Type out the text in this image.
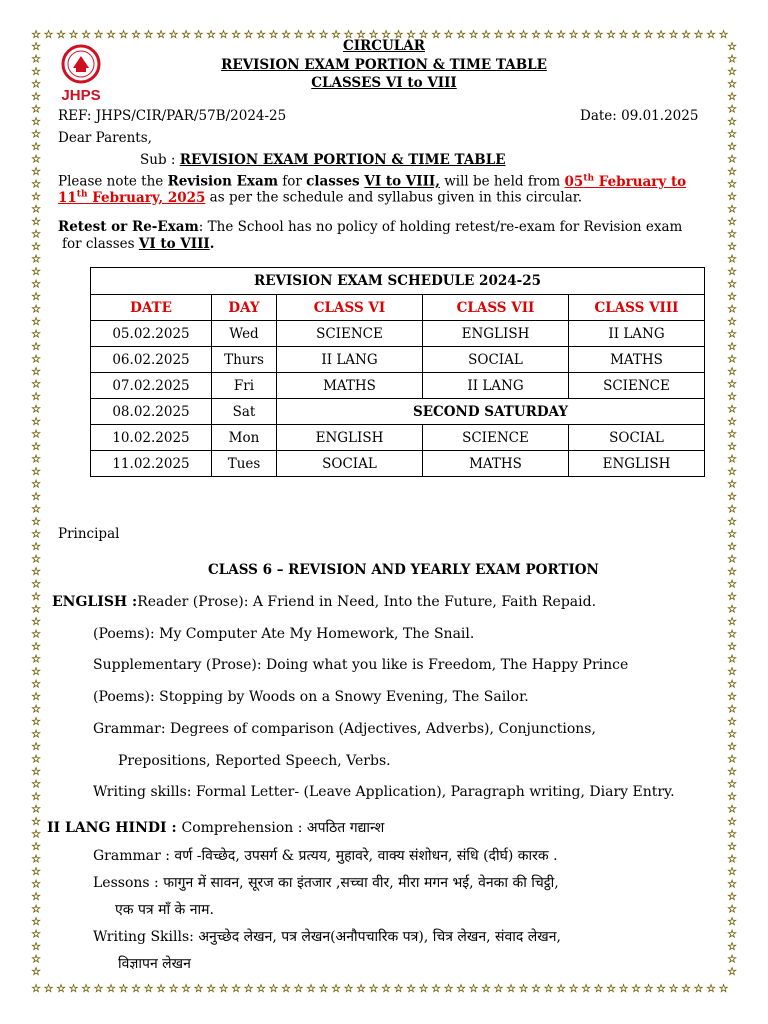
☆
☆
☆
☆
☆
☆
☆
☆
☆
☆
☆
☆
☆
☆
☆
☆
☆
☆
☆
☆
☆
☆
☆
☆
☆
☆
☆
☆
☆
☆
☆
☆
☆
☆
☆
☆
☆
☆
☆
☆
☆
☆
☆
☆
☆
☆
☆
☆
☆
☆
☆
☆
☆
☆
☆
☆
☆
☆
☆
☆
☆
☆
☆
☆
☆
☆
☆
☆
☆
☆
☆
☆
☆
☆
☆
☆
☆
☆
☆
☆
☆
☆
☆
☆
☆
☆
☆
☆
☆
☆
☆
☆
☆
☆
☆
☆
☆
☆
☆
☆
☆
☆
☆
☆
☆
☆
☆
☆
☆
☆
☆
☆
☆	☆
☆	☆
☆	☆
☆	☆
☆	☆
☆	☆
☆	☆
☆	☆
☆	☆
☆	☆
☆	☆
☆	☆
☆	☆
☆	☆
☆	☆
☆	☆
☆	☆
☆	☆
☆	☆
☆	☆
☆	☆
☆	☆
☆	☆
☆	☆
☆	☆
☆	☆
☆	☆
☆	☆
☆	☆
☆	☆
☆	☆
☆	☆
☆	☆
☆	☆
☆	☆
☆	☆
☆	☆
☆	☆
☆	☆
☆	☆
☆	☆
☆	☆
☆	☆
☆	☆
☆	☆
☆	☆
☆	☆
☆	☆
☆	☆
☆	☆
☆	☆
☆	☆
☆	☆
☆	☆
☆	☆
☆	☆
☆	☆
☆	☆
☆	☆
☆	☆
☆	☆
☆	☆
☆	☆
☆	☆
☆	☆
☆	☆
☆	☆
☆	☆
☆	☆
☆	☆
☆	☆
☆	☆
☆	☆
☆	☆
☆	☆
JHPS
CIRCULAR
REVISION EXAM PORTION & TIME TABLE
CLASSES VI to VIII
REF: JHPS/CIR/PAR/57B/2024-25	Date: 09.01.2025
Dear Parents,
Sub : REVISION EXAM PORTION & TIME TABLE
Please note the Revision Exam for classes VI to VIII, will be held from 05th February to
11th February, 2025 as per the schedule and syllabus given in this circular.
Retest or Re-Exam: The School has no policy of holding retest/re-exam for Revision exam
for classes VI to VIII.
REVISION EXAM SCHEDULE 2024-25				
DATE	DAY	CLASS VI	CLASS VII	CLASS VIII
05.02.2025	Wed	SCIENCE	ENGLISH	II LANG
06.02.2025	Thurs	II LANG	SOCIAL	MATHS
07.02.2025	Fri	MATHS	II LANG	SCIENCE
08.02.2025	Sat	SECOND SATURDAY		
10.02.2025	Mon	ENGLISH	SCIENCE	SOCIAL
11.02.2025	Tues	SOCIAL	MATHS	ENGLISH
Principal
CLASS 6 – REVISION AND YEARLY EXAM PORTION
ENGLISH :Reader (Prose): A Friend in Need, Into the Future, Faith Repaid.
(Poems): My Computer Ate My Homework, The Snail.
Supplementary (Prose): Doing what you like is Freedom, The Happy Prince
(Poems): Stopping by Woods on a Snowy Evening, The Sailor.
Grammar: Degrees of comparison (Adjectives, Adverbs), Conjunctions,
Prepositions, Reported Speech, Verbs.
Writing skills: Formal Letter- (Leave Application), Paragraph writing, Diary Entry.
II LANG HINDI : Comprehension : अपठित गद्यान्श
Grammar : वर्ण -विच्छेद, उपसर्ग & प्रत्यय, मुहावरे, वाक्य संशोधन, संधि (दीर्घ) कारक .
Lessons : फागुन में सावन, सूरज का इंतजार ,सच्चा वीर, मीरा मगन भई, वेनका की चिट्ठी,
एक पत्र माँ के नाम.
Writing Skills: अनुच्छेद लेखन, पत्र लेखन(अनौपचारिक पत्र), चित्र लेखन, संवाद लेखन,
विज्ञापन लेखन
